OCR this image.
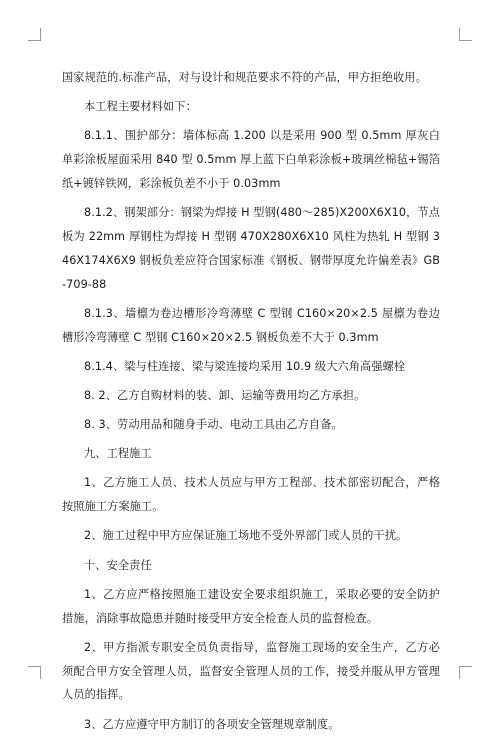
国家规范的.标准产品，对与设计和规范要求不符的产品，甲方拒绝收用。

本工程主要材料如下：

8.1.1、围护部分：墙体标高 1.200 以是采用 900 型 0.5mm 厚灰白单彩涂板屋面采用 840 型 0.5mm 厚上蓝下白单彩涂板+玻璃丝棉毡+锡箔纸+镀锌铁网，彩涂板负差不小于 0.03mm

8.1.2、钢架部分：钢梁为焊接 H 型钢(480～285)X200X6X10，节点板为 22mm 厚钢柱为焊接 H 型钢 470X280X6X10 风柱为热轧 H 型钢 346X174X6X9 钢板负差应符合国家标准《钢板、钢带厚度允许偏差表》GB-709-88

8.1.3、墙檩为卷边槽形冷弯薄壁 C 型钢 C160×20×2.5 屋檩为卷边槽形冷弯薄壁 C 型钢 C160×20×2.5 钢板负差不大于 0.3mm

8.1.4、梁与柱连接、梁与梁连接均采用 10.9 级大六角高强螺栓

8. 2、乙方自购材料的装、卸、运输等费用均乙方承担。

8. 3、劳动用品和随身手动、电动工具由乙方自备。

九、工程施工

1、乙方施工人员、技术人员应与甲方工程部、技术部密切配合，严格按照施工方案施工。

2、施工过程中甲方应保证施工场地不受外界部门或人员的干扰。

十、安全责任

1、乙方应严格按照施工建设安全要求组织施工，采取必要的安全防护措施，消除事故隐患并随时接受甲方安全检查人员的监督检查。

2、甲方指派专职安全员负责指导，监督施工现场的安全生产，乙方必须配合甲方安全管理人员，监督安全管理人员的工作，接受并服从甲方管理人员的指挥。

3、乙方应遵守甲方制订的各项安全管理规章制度。
